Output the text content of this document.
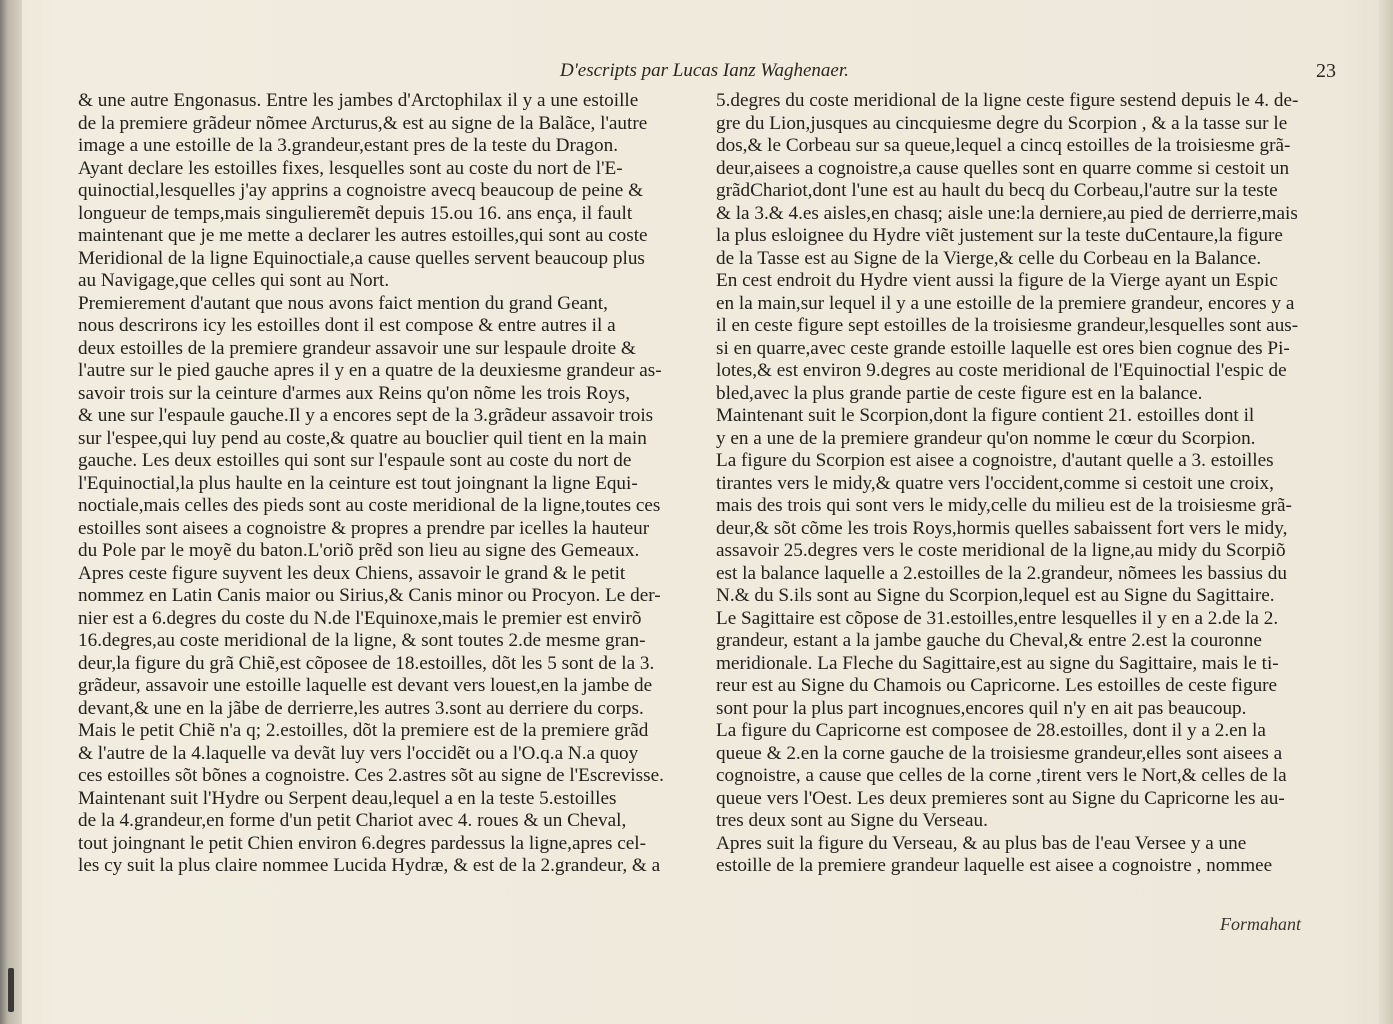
D'escripts par Lucas Ianz Waghenaer.	23
& une autre Engonasus. Entre les jambes d'Arctophilax il y a une estoille
de la premiere grãdeur nõmee Arcturus,& est au signe de la Balãce, l'autre
image a une estoille de la 3.grandeur,estant pres de la teste du Dragon.
Ayant declare les estoilles fixes, lesquelles sont au coste du nort de l'E-
quinoctial,lesquelles j'ay apprins a cognoistre avecq beaucoup de peine &
longueur de temps,mais singulieremẽt depuis 15.ou 16. ans ença, il fault
maintenant que je me mette a declarer les autres estoilles,qui sont au coste
Meridional de la ligne Equinoctiale,a cause quelles servent beaucoup plus
au Navigage,que celles qui sont au Nort.
Premierement d'autant que nous avons faict mention du grand Geant,
nous descrirons icy les estoilles dont il est compose & entre autres il a
deux estoilles de la premiere grandeur assavoir une sur lespaule droite &
l'autre sur le pied gauche apres il y en a quatre de la deuxiesme grandeur as-
savoir trois sur la ceinture d'armes aux Reins qu'on nõme les trois Roys,
& une sur l'espaule gauche.Il y a encores sept de la 3.grãdeur assavoir trois
sur l'espee,qui luy pend au coste,& quatre au bouclier quil tient en la main
gauche. Les deux estoilles qui sont sur l'espaule sont au coste du nort de
l'Equinoctial,la plus haulte en la ceinture est tout joingnant la ligne Equi-
noctiale,mais celles des pieds sont au coste meridional de la ligne,toutes ces
estoilles sont aisees a cognoistre & propres a prendre par icelles la hauteur
du Pole par le moyẽ du baton.L'oriõ prẽd son lieu au signe des Gemeaux.
Apres ceste figure suyvent les deux Chiens, assavoir le grand & le petit
nommez en Latin Canis maior ou Sirius,& Canis minor ou Procyon. Le der-
nier est a 6.degres du coste du N.de l'Equinoxe,mais le premier est envirõ
16.degres,au coste meridional de la ligne, & sont toutes 2.de mesme gran-
deur,la figure du grã Chiẽ,est cõposee de 18.estoilles, dõt les 5 sont de la 3.
grãdeur, assavoir une estoille laquelle est devant vers louest,en la jambe de
devant,& une en la jãbe de derrierre,les autres 3.sont au derriere du corps.
Mais le petit Chiẽ n'a q; 2.estoilles, dõt la premiere est de la premiere grãd
& l'autre de la 4.laquelle va devãt luy vers l'occidẽt ou a l'O.q.a N.a quoy
ces estoilles sõt bõnes a cognoistre. Ces 2.astres sõt au signe de l'Escrevisse.
Maintenant suit l'Hydre ou Serpent deau,lequel a en la teste 5.estoilles
de la 4.grandeur,en forme d'un petit Chariot avec 4. roues & un Cheval,
tout joingnant le petit Chien environ 6.degres pardessus la ligne,apres cel-
les cy suit la plus claire nommee Lucida Hydræ, & est de la 2.grandeur, & a
5.degres du coste meridional de la ligne ceste figure sestend depuis le 4. de-
gre du Lion,jusques au cincquiesme degre du Scorpion , & a la tasse sur le
dos,& le Corbeau sur sa queue,lequel a cincq estoilles de la troisiesme grã-
deur,aisees a cognoistre,a cause quelles sont en quarre comme si cestoit un
grãdChariot,dont l'une est au hault du becq du Corbeau,l'autre sur la teste
& la 3.& 4.es aisles,en chasq; aisle une:la derniere,au pied de derrierre,mais
la plus esloignee du Hydre viẽt justement sur la teste duCentaure,la figure
de la Tasse est au Signe de la Vierge,& celle du Corbeau en la Balance.
En cest endroit du Hydre vient aussi la figure de la Vierge ayant un Espic
en la main,sur lequel il y a une estoille de la premiere grandeur, encores y a
il en ceste figure sept estoilles de la troisiesme grandeur,lesquelles sont aus-
si en quarre,avec ceste grande estoille laquelle est ores bien cognue des Pi-
lotes,& est environ 9.degres au coste meridional de l'Equinoctial l'espic de
bled,avec la plus grande partie de ceste figure est en la balance.
Maintenant suit le Scorpion,dont la figure contient 21. estoilles dont il
y en a une de la premiere grandeur qu'on nomme le cœur du Scorpion.
La figure du Scorpion est aisee a cognoistre, d'autant quelle a 3. estoilles
tirantes vers le midy,& quatre vers l'occident,comme si cestoit une croix,
mais des trois qui sont vers le midy,celle du milieu est de la troisiesme grã-
deur,& sõt cõme les trois Roys,hormis quelles sabaissent fort vers le midy,
assavoir 25.degres vers le coste meridional de la ligne,au midy du Scorpiõ
est la balance laquelle a 2.estoilles de la 2.grandeur, nõmees les bassius du
N.& du S.ils sont au Signe du Scorpion,lequel est au Signe du Sagittaire.
Le Sagittaire est cõpose de 31.estoilles,entre lesquelles il y en a 2.de la 2.
grandeur, estant a la jambe gauche du Cheval,& entre 2.est la couronne
meridionale. La Fleche du Sagittaire,est au signe du Sagittaire, mais le ti-
reur est au Signe du Chamois ou Capricorne. Les estoilles de ceste figure
sont pour la plus part incognues,encores quil n'y en ait pas beaucoup.
La figure du Capricorne est composee de 28.estoilles, dont il y a 2.en la
queue & 2.en la corne gauche de la troisiesme grandeur,elles sont aisees a
cognoistre, a cause que celles de la corne ,tirent vers le Nort,& celles de la
queue vers l'Oest. Les deux premieres sont au Signe du Capricorne les au-
tres deux sont au Signe du Verseau.
Apres suit la figure du Verseau, & au plus bas de l'eau Versee y a une
estoille de la premiere grandeur laquelle est aisee a cognoistre , nommee
Formahant
